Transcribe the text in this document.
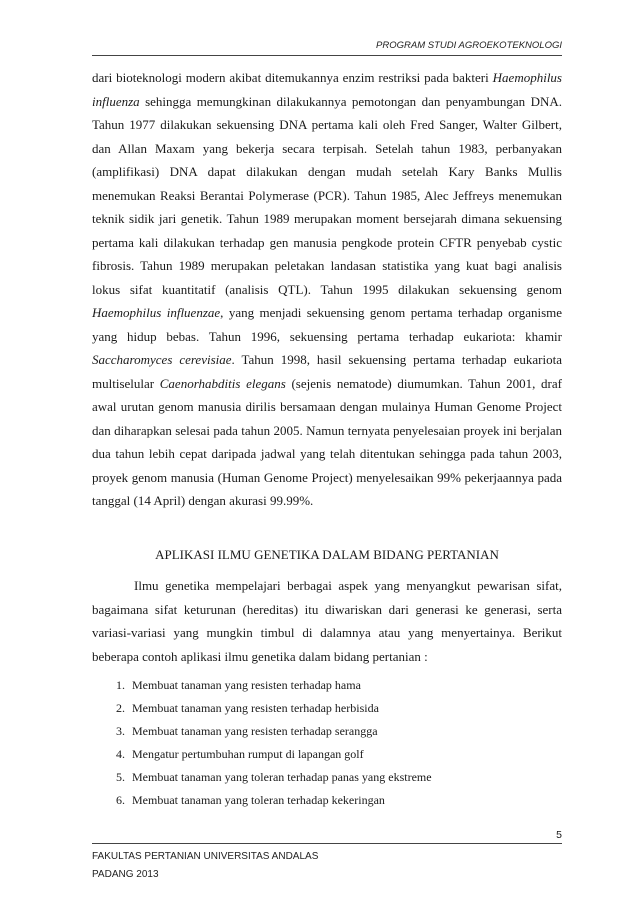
PROGRAM STUDI AGROEKOTEKNOLOGI

dari bioteknologi modern akibat ditemukannya enzim restriksi pada bakteri Haemophilus influenza sehingga memungkinan dilakukannya pemotongan dan penyambungan DNA. Tahun 1977 dilakukan sekuensing DNA pertama kali oleh Fred Sanger, Walter Gilbert, dan Allan Maxam yang bekerja secara terpisah. Setelah tahun 1983, perbanyakan (amplifikasi) DNA dapat dilakukan dengan mudah setelah Kary Banks Mullis menemukan Reaksi Berantai Polymerase (PCR). Tahun 1985, Alec Jeffreys menemukan teknik sidik jari genetik. Tahun 1989 merupakan moment bersejarah dimana sekuensing pertama kali dilakukan terhadap gen manusia pengkode protein CFTR penyebab cystic fibrosis. Tahun 1989 merupakan peletakan landasan statistika yang kuat bagi analisis lokus sifat kuantitatif (analisis QTL). Tahun 1995 dilakukan sekuensing genom Haemophilus influenzae, yang menjadi sekuensing genom pertama terhadap organisme yang hidup bebas. Tahun 1996, sekuensing pertama terhadap eukariota: khamir Saccharomyces cerevisiae. Tahun 1998, hasil sekuensing pertama terhadap eukariota multiselular Caenorhabditis elegans (sejenis nematode) diumumkan. Tahun 2001, draf awal urutan genom manusia dirilis bersamaan dengan mulainya Human Genome Project dan diharapkan selesai pada tahun 2005. Namun ternyata penyelesaian proyek ini berjalan dua tahun lebih cepat daripada jadwal yang telah ditentukan sehingga pada tahun 2003, proyek genom manusia (Human Genome Project) menyelesaikan 99% pekerjaannya pada tanggal (14 April) dengan akurasi 99.99%.

APLIKASI ILMU GENETIKA DALAM BIDANG PERTANIAN

Ilmu genetika mempelajari berbagai aspek yang menyangkut pewarisan sifat, bagaimana sifat keturunan (hereditas) itu diwariskan dari generasi ke generasi, serta variasi-variasi yang mungkin timbul di dalamnya atau yang menyertainya. Berikut beberapa contoh aplikasi ilmu genetika dalam bidang pertanian :

1. Membuat tanaman yang resisten terhadap hama
2. Membuat tanaman yang resisten terhadap herbisida
3. Membuat tanaman yang resisten terhadap serangga
4. Mengatur pertumbuhan rumput di lapangan golf
5. Membuat tanaman yang toleran terhadap panas yang ekstreme
6. Membuat tanaman yang toleran terhadap kekeringan
5
FAKULTAS PERTANIAN UNIVERSITAS ANDALAS
PADANG 2013
